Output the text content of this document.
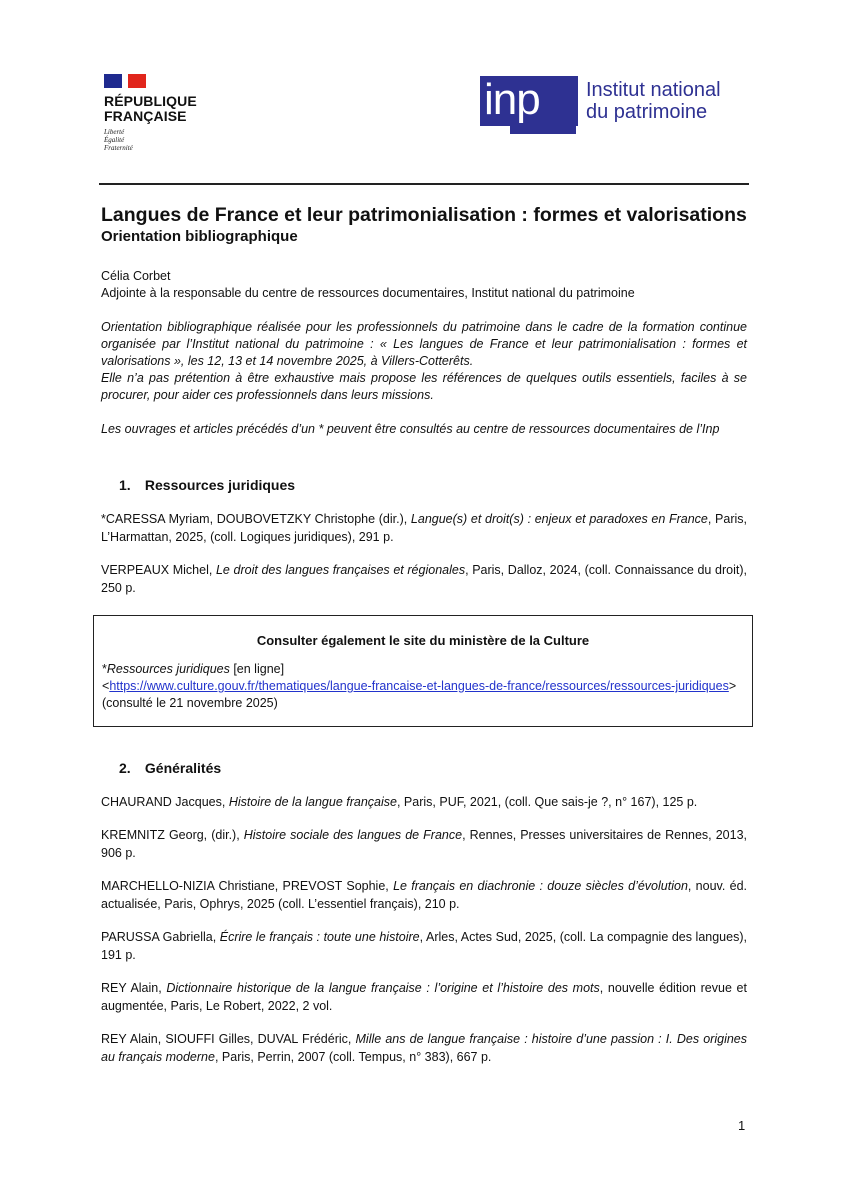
RÉPUBLIQUE
FRANÇAISE
Liberté
Égalité
Fraternité
inp	Institut national
du patrimoine
Langues de France et leur patrimonialisation : formes et valorisations
Orientation bibliographique
Célia Corbet
Adjointe à la responsable du centre de ressources documentaires, Institut national du patrimoine
Orientation bibliographique réalisée pour les professionnels du patrimoine dans le cadre de la formation continue organisée par l’Institut national du patrimoine : « Les langues de France et leur patrimonialisation : formes et valorisations », les 12, 13 et 14 novembre 2025, à Villers-Cotterêts.
Elle n’a pas prétention à être exhaustive mais propose les références de quelques outils essentiels, faciles à se procurer, pour aider ces professionnels dans leurs missions.
Les ouvrages et articles précédés d’un * peuvent être consultés au centre de ressources documentaires de l’Inp
1. Ressources juridiques
*CARESSA Myriam, DOUBOVETZKY Christophe (dir.), Langue(s) et droit(s) : enjeux et paradoxes en France, Paris, L’Harmattan, 2025, (coll. Logiques juridiques), 291 p.
VERPEAUX Michel, Le droit des langues françaises et régionales, Paris, Dalloz, 2024, (coll. Connaissance du droit), 250 p.
Consulter également le site du ministère de la Culture
*Ressources juridiques [en ligne]
<https://www.culture.gouv.fr/thematiques/langue-francaise-et-langues-de-france/ressources/ressources-juridiques> (consulté le 21 novembre 2025)
2. Généralités
CHAURAND Jacques, Histoire de la langue française, Paris, PUF, 2021, (coll. Que sais-je ?, n° 167), 125 p.
KREMNITZ Georg, (dir.), Histoire sociale des langues de France, Rennes, Presses universitaires de Rennes, 2013, 906 p.
MARCHELLO-NIZIA Christiane, PREVOST Sophie, Le français en diachronie : douze siècles d’évolution, nouv. éd. actualisée, Paris, Ophrys, 2025 (coll. L’essentiel français), 210 p.
PARUSSA Gabriella, Écrire le français : toute une histoire, Arles, Actes Sud, 2025, (coll. La compagnie des langues), 191 p.
REY Alain, Dictionnaire historique de la langue française : l’origine et l’histoire des mots, nouvelle édition revue et augmentée, Paris, Le Robert, 2022, 2 vol.
REY Alain, SIOUFFI Gilles, DUVAL Frédéric, Mille ans de langue française : histoire d’une passion : I. Des origines au français moderne, Paris, Perrin, 2007 (coll. Tempus, n° 383), 667 p.
1
